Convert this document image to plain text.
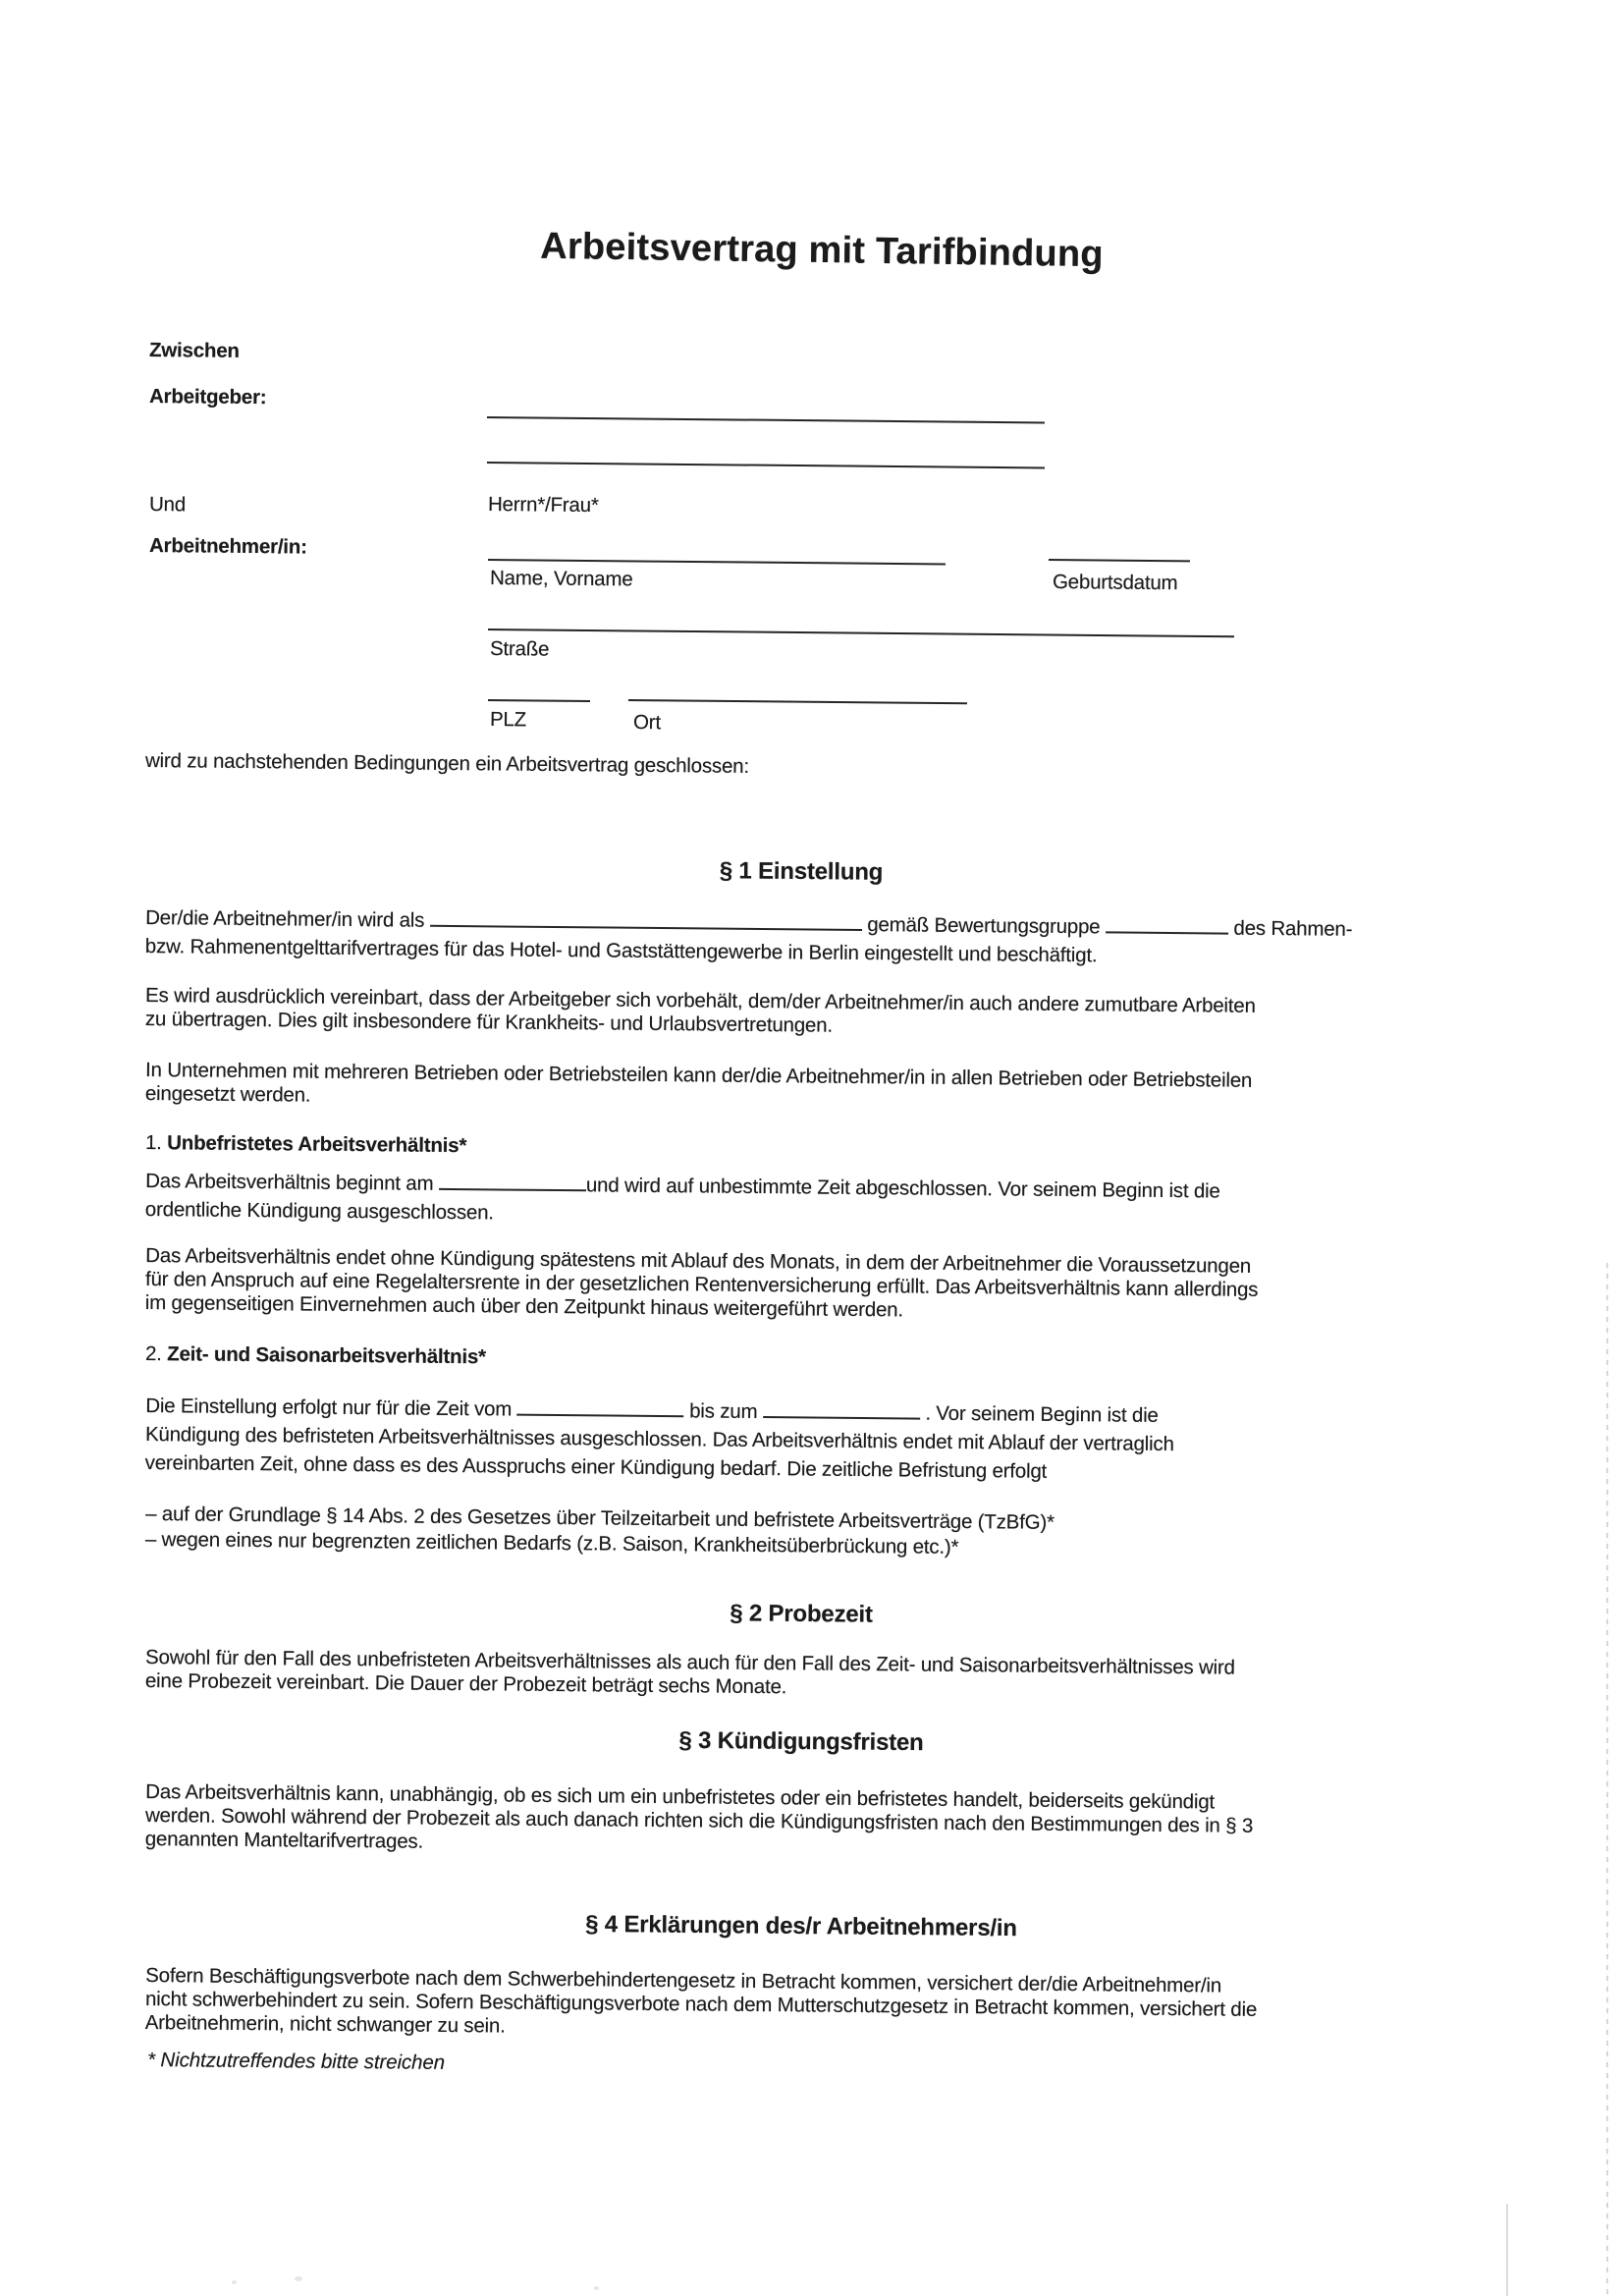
Arbeitsvertrag mit Tarifbindung
Zwischen
Arbeitgeber:
Und	Herrn*/Frau*
Arbeitnehmer/in:
Name, Vorname	Geburtsdatum
Straße
PLZ	Ort
wird zu nachstehenden Bedingungen ein Arbeitsvertrag geschlossen:
§ 1 Einstellung
Der/die Arbeitnehmer/in wird als	gemäß Bewertungsgruppe	des Rahmen-
bzw. Rahmenentgelttarifvertrages für das Hotel- und Gaststättengewerbe in Berlin eingestellt und beschäftigt.
Es wird ausdrücklich vereinbart, dass der Arbeitgeber sich vorbehält, dem/der Arbeitnehmer/in auch andere zumutbare Arbeiten
zu übertragen. Dies gilt insbesondere für Krankheits- und Urlaubsvertretungen.
In Unternehmen mit mehreren Betrieben oder Betriebsteilen kann der/die Arbeitnehmer/in in allen Betrieben oder Betriebsteilen
eingesetzt werden.
1. Unbefristetes Arbeitsverhältnis*
Das Arbeitsverhältnis beginnt am	und wird auf unbestimmte Zeit abgeschlossen. Vor seinem Beginn ist die
ordentliche Kündigung ausgeschlossen.
Das Arbeitsverhältnis endet ohne Kündigung spätestens mit Ablauf des Monats, in dem der Arbeitnehmer die Voraussetzungen
für den Anspruch auf eine Regelaltersrente in der gesetzlichen Rentenversicherung erfüllt. Das Arbeitsverhältnis kann allerdings
im gegenseitigen Einvernehmen auch über den Zeitpunkt hinaus weitergeführt werden.
2. Zeit- und Saisonarbeitsverhältnis*
Die Einstellung erfolgt nur für die Zeit vom	bis zum	. Vor seinem Beginn ist die
Kündigung des befristeten Arbeitsverhältnisses ausgeschlossen. Das Arbeitsverhältnis endet mit Ablauf der vertraglich
vereinbarten Zeit, ohne dass es des Ausspruchs einer Kündigung bedarf. Die zeitliche Befristung erfolgt
– auf der Grundlage § 14 Abs. 2 des Gesetzes über Teilzeitarbeit und befristete Arbeitsverträge (TzBfG)*
– wegen eines nur begrenzten zeitlichen Bedarfs (z.B. Saison, Krankheitsüberbrückung etc.)*
§ 2 Probezeit
Sowohl für den Fall des unbefristeten Arbeitsverhältnisses als auch für den Fall des Zeit- und Saisonarbeitsverhältnisses wird
eine Probezeit vereinbart. Die Dauer der Probezeit beträgt sechs Monate.
§ 3 Kündigungsfristen
Das Arbeitsverhältnis kann, unabhängig, ob es sich um ein unbefristetes oder ein befristetes handelt, beiderseits gekündigt
werden. Sowohl während der Probezeit als auch danach richten sich die Kündigungsfristen nach den Bestimmungen des in § 3
genannten Manteltarifvertrages.
§ 4 Erklärungen des/r Arbeitnehmers/in
Sofern Beschäftigungsverbote nach dem Schwerbehindertengesetz in Betracht kommen, versichert der/die Arbeitnehmer/in
nicht schwerbehindert zu sein. Sofern Beschäftigungsverbote nach dem Mutterschutzgesetz in Betracht kommen, versichert die
Arbeitnehmerin, nicht schwanger zu sein.
* Nichtzutreffendes bitte streichen
